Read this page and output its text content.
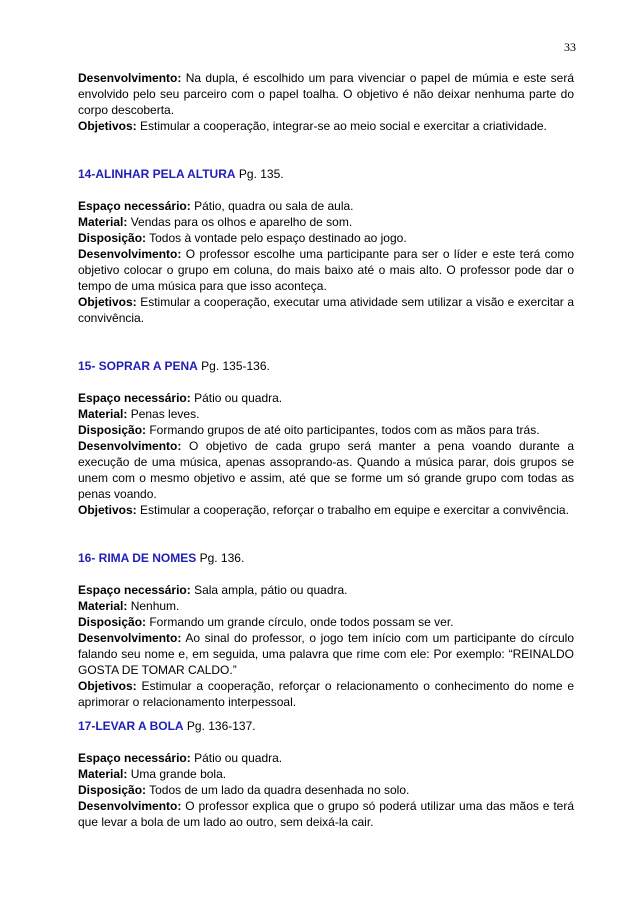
33

Desenvolvimento: Na dupla, é escolhido um para vivenciar o papel de múmia e este será envolvido pelo seu parceiro com o papel toalha. O objetivo é não deixar nenhuma parte do corpo descoberta.

Objetivos: Estimular a cooperação, integrar-se ao meio social e exercitar a criatividade.

14-ALINHAR PELA ALTURA Pg. 135.

Espaço necessário: Pátio, quadra ou sala de aula.

Material: Vendas para os olhos e aparelho de som.

Disposição: Todos à vontade pelo espaço destinado ao jogo.

Desenvolvimento: O professor escolhe uma participante para ser o líder e este terá como objetivo colocar o grupo em coluna, do mais baixo até o mais alto. O professor pode dar o tempo de uma música para que isso aconteça.

Objetivos: Estimular a cooperação, executar uma atividade sem utilizar a visão e exercitar a convivência.

15- SOPRAR A PENA Pg. 135-136.

Espaço necessário: Pátio ou quadra.

Material: Penas leves.

Disposição: Formando grupos de até oito participantes, todos com as mãos para trás.

Desenvolvimento: O objetivo de cada grupo será manter a pena voando durante a execução de uma música, apenas assoprando-as. Quando a música parar, dois grupos se unem com o mesmo objetivo e assim, até que se forme um só grande grupo com todas as penas voando.

Objetivos: Estimular a cooperação, reforçar o trabalho em equipe e exercitar a convivência.

16- RIMA DE NOMES Pg. 136.

Espaço necessário: Sala ampla, pátio ou quadra.

Material: Nenhum.

Disposição: Formando um grande círculo, onde todos possam se ver.

Desenvolvimento: Ao sinal do professor, o jogo tem início com um participante do círculo falando seu nome e, em seguida, uma palavra que rime com ele: Por exemplo: “REINALDO GOSTA DE TOMAR CALDO.”

Objetivos: Estimular a cooperação, reforçar o relacionamento o conhecimento do nome e aprimorar o relacionamento interpessoal.

17-LEVAR A BOLA Pg. 136-137.

Espaço necessário: Pátio ou quadra.

Material: Uma grande bola.

Disposição: Todos de um lado da quadra desenhada no solo.

Desenvolvimento: O professor explica que o grupo só poderá utilizar uma das mãos e terá que levar a bola de um lado ao outro, sem deixá-la cair.
